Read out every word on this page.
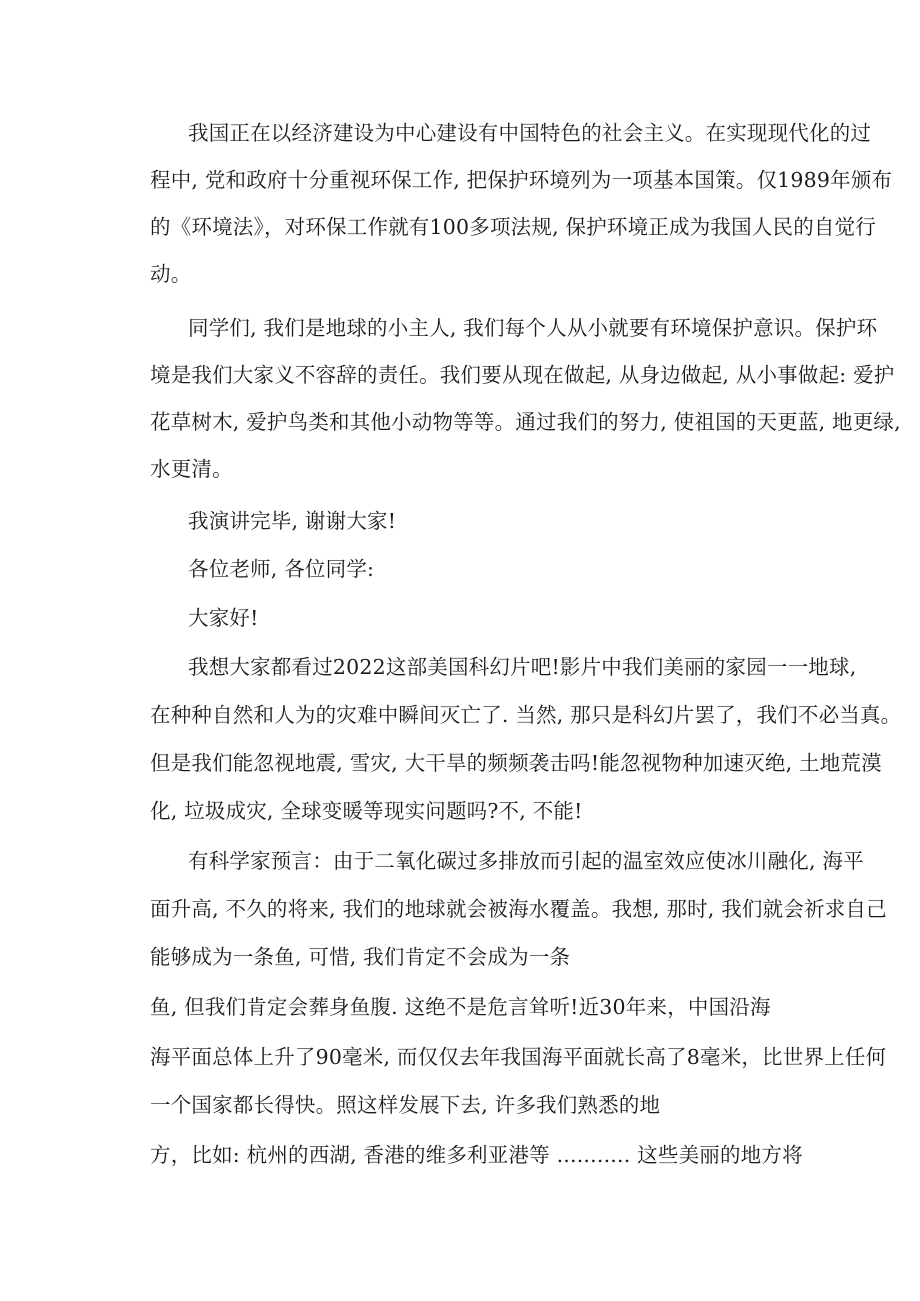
我国正在以经济建设为中心建设有中国特色的社会主义。在实现现代化的过
程中, 党和政府十分重视环保工作, 把保护环境列为一项基本国策。仅1989年颁布
的《环境法》，对环保工作就有100多项法规, 保护环境正成为我国人民的自觉行
动。
同学们, 我们是地球的小主人, 我们每个人从小就要有环境保护意识。保护环
境是我们大家义不容辞的责任。我们要从现在做起, 从身边做起, 从小事做起: 爱护
花草树木, 爱护鸟类和其他小动物等等。通过我们的努力, 使祖国的天更蓝, 地更绿,
水更清。
我演讲完毕, 谢谢大家!
各位老师, 各位同学:
大家好!
我想大家都看过2022这部美国科幻片吧!影片中我们美丽的家园一一地球,
在种种自然和人为的灾难中瞬间灭亡了. 当然, 那只是科幻片罢了，我们不必当真。
但是我们能忽视地震, 雪灾, 大干旱的频频袭击吗!能忽视物种加速灭绝, 土地荒漠
化, 垃圾成灾, 全球变暖等现实问题吗?不, 不能!
有科学家预言：由于二氧化碳过多排放而引起的温室效应使冰川融化, 海平
面升高, 不久的将来, 我们的地球就会被海水覆盖。我想, 那时, 我们就会祈求自己
能够成为一条鱼, 可惜, 我们肯定不会成为一条
鱼, 但我们肯定会葬身鱼腹. 这绝不是危言耸听!近30年来，中国沿海
海平面总体上升了90毫米, 而仅仅去年我国海平面就长高了8毫米，比世界上任何
一个国家都长得快。照这样发展下去, 许多我们熟悉的地
方，比如: 杭州的西湖, 香港的维多利亚港等 ........... 这些美丽的地方将
